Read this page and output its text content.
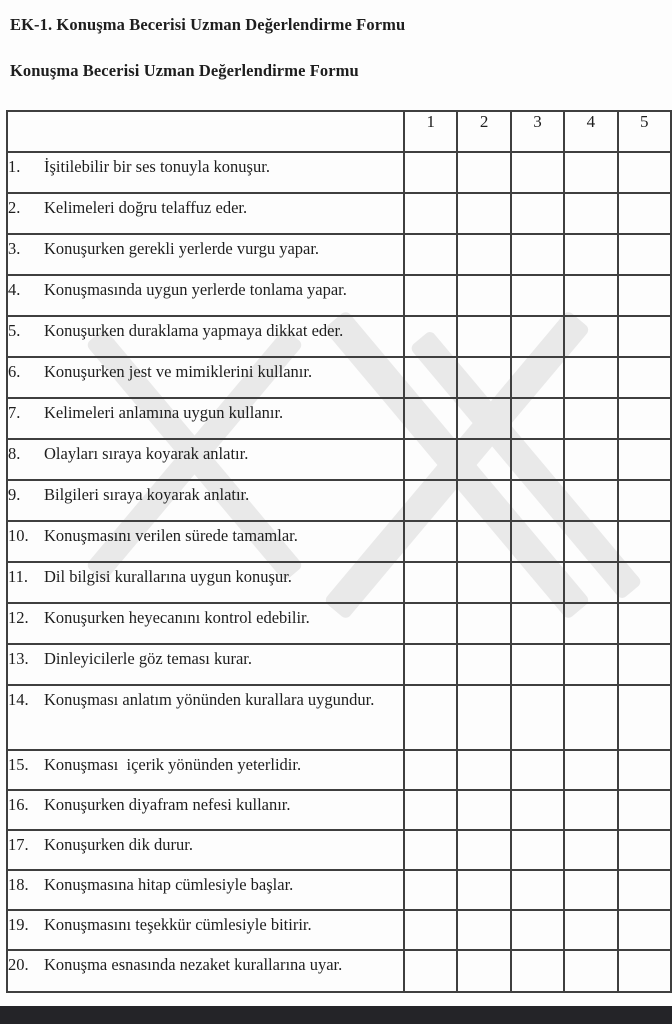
EK-1. Konuşma Becerisi Uzman Değerlendirme Formu
Konuşma Becerisi Uzman Değerlendirme Formu
	1	2	3	4	5

1. İşitilebilir bir ses tonuyla konuşur.					

2. Kelimeleri doğru telaffuz eder.					

3. Konuşurken gerekli yerlerde vurgu yapar.					

4. Konuşmasında uygun yerlerde tonlama yapar.					

5. Konuşurken duraklama yapmaya dikkat eder.					

6. Konuşurken jest ve mimiklerini kullanır.					

7. Kelimeleri anlamına uygun kullanır.					

8. Olayları sıraya koyarak anlatır.					

9. Bilgileri sıraya koyarak anlatır.					

10. Konuşmasını verilen sürede tamamlar.					

11. Dil bilgisi kurallarına uygun konuşur.					

12. Konuşurken heyecanını kontrol edebilir.					

13. Dinleyicilerle göz teması kurar.					

14. Konuşması anlatım yönünden kurallara uygundur.					

15. Konuşması  içerik yönünden yeterlidir.					

16. Konuşurken diyafram nefesi kullanır.					

17. Konuşurken dik durur.					

18. Konuşmasına hitap cümlesiyle başlar.					

19. Konuşmasını teşekkür cümlesiyle bitirir.					

20. Konuşma esnasında nezaket kurallarına uyar.					
